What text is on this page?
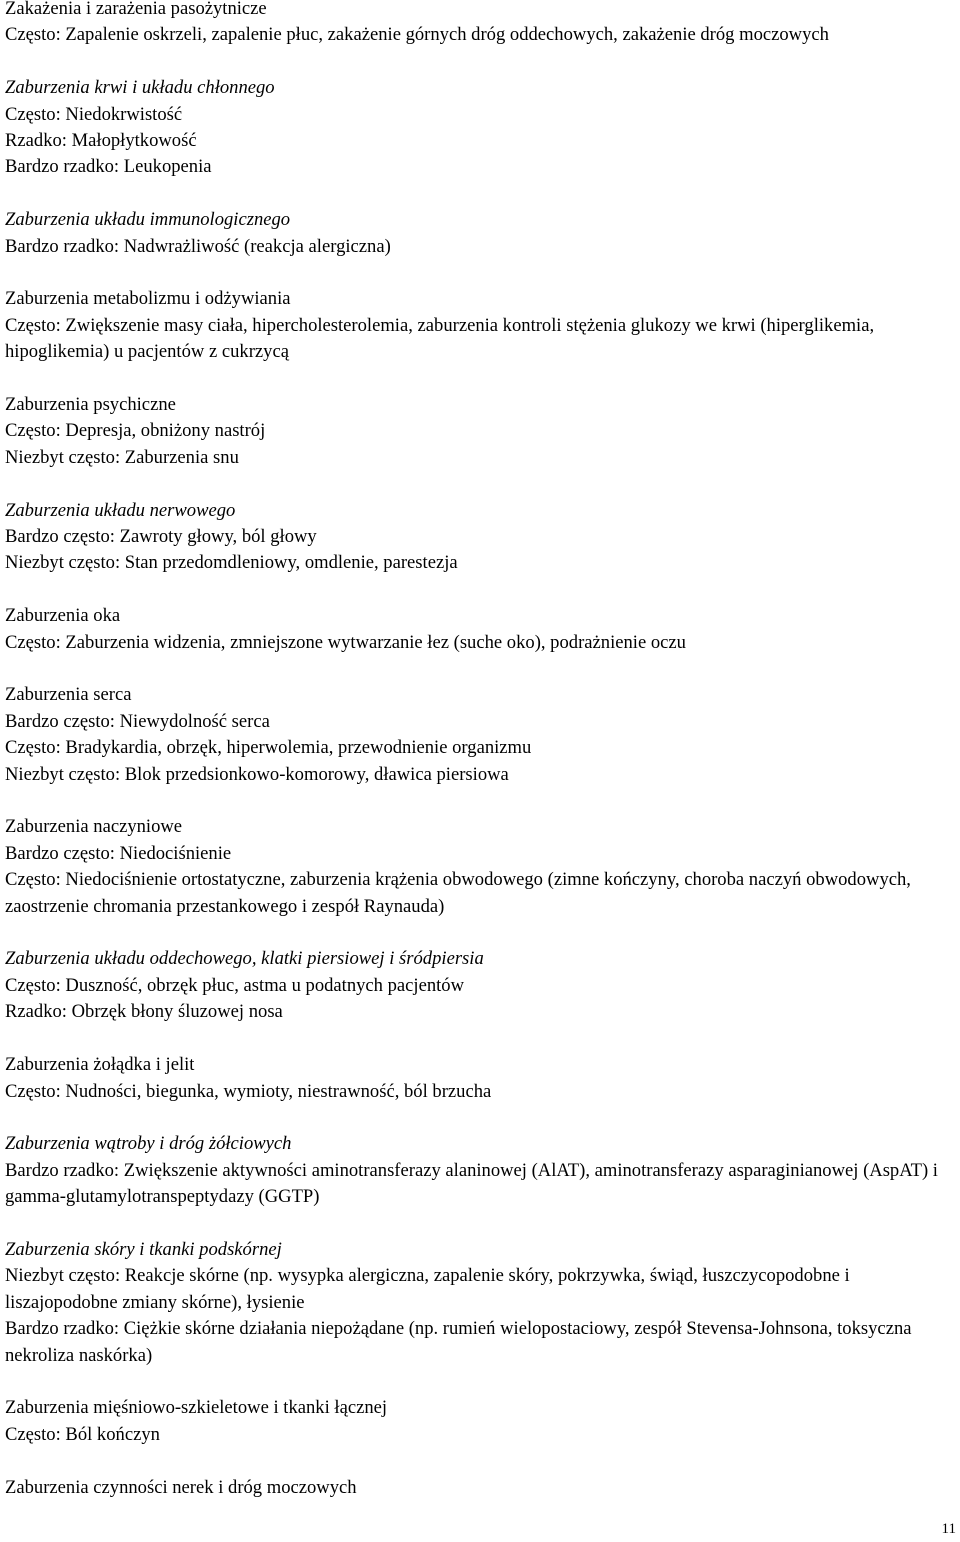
Zakażenia i zarażenia pasożytnicze
Często: Zapalenie oskrzeli, zapalenie płuc, zakażenie górnych dróg oddechowych, zakażenie dróg moczowych
Zaburzenia krwi i układu chłonnego
Często: Niedokrwistość
Rzadko: Małopłytkowość
Bardzo rzadko: Leukopenia
Zaburzenia układu immunologicznego
Bardzo rzadko: Nadwrażliwość (reakcja alergiczna)
Zaburzenia metabolizmu i odżywiania
Często: Zwiększenie masy ciała, hipercholesterolemia, zaburzenia kontroli stężenia glukozy we krwi (hiperglikemia, hipoglikemia) u pacjentów z cukrzycą
Zaburzenia psychiczne
Często: Depresja, obniżony nastrój
Niezbyt często: Zaburzenia snu
Zaburzenia układu nerwowego
Bardzo często: Zawroty głowy, ból głowy
Niezbyt często: Stan przedomdleniowy, omdlenie, parestezja
Zaburzenia oka
Często: Zaburzenia widzenia, zmniejszone wytwarzanie łez (suche oko), podrażnienie oczu
Zaburzenia serca
Bardzo często: Niewydolność serca
Często: Bradykardia, obrzęk, hiperwolemia, przewodnienie organizmu
Niezbyt często: Blok przedsionkowo-komorowy, dławica piersiowa
Zaburzenia naczyniowe
Bardzo często: Niedociśnienie
Często: Niedociśnienie ortostatyczne, zaburzenia krążenia obwodowego (zimne kończyny, choroba naczyń obwodowych, zaostrzenie chromania przestankowego i zespół Raynauda)
Zaburzenia układu oddechowego, klatki piersiowej i śródpiersia
Często: Duszność, obrzęk płuc, astma u podatnych pacjentów
Rzadko: Obrzęk błony śluzowej nosa
Zaburzenia żołądka i jelit
Często: Nudności, biegunka, wymioty, niestrawność, ból brzucha
Zaburzenia wątroby i dróg żółciowych
Bardzo rzadko: Zwiększenie aktywności aminotransferazy alaninowej (AlAT), aminotransferazy asparaginianowej (AspAT) i gamma-glutamylotranspeptydazy (GGTP)
Zaburzenia skóry i tkanki podskórnej
Niezbyt często: Reakcje skórne (np. wysypka alergiczna, zapalenie skóry, pokrzywka, świąd, łuszczycopodobne i liszajopodobne zmiany skórne), łysienie
Bardzo rzadko: Ciężkie skórne działania niepożądane (np. rumień wielopostaciowy, zespół Stevensa-Johnsona, toksyczna nekroliza naskórka)
Zaburzenia mięśniowo-szkieletowe i tkanki łącznej
Często: Ból kończyn
Zaburzenia czynności nerek i dróg moczowych
11
